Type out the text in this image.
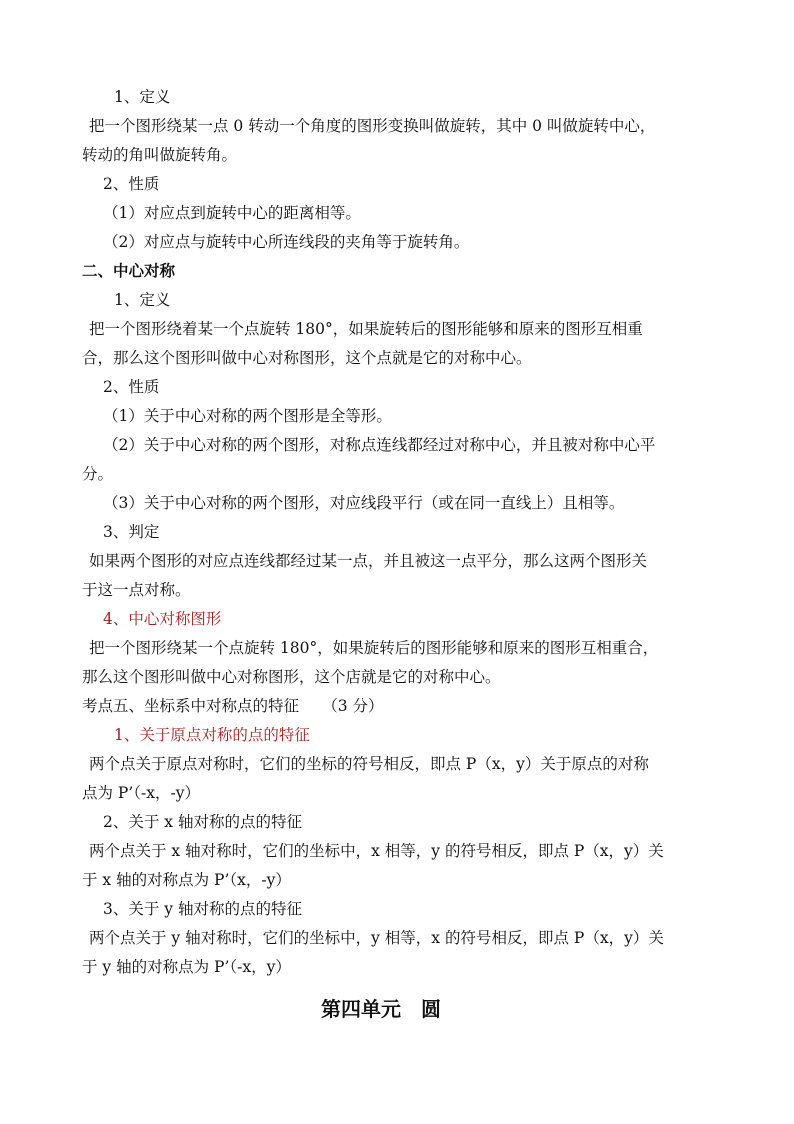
1、定义
把一个图形绕某一点 0 转动一个角度的图形变换叫做旋转，其中 0 叫做旋转中心，
转动的角叫做旋转角。
2、性质
（1）对应点到旋转中心的距离相等。
（2）对应点与旋转中心所连线段的夹角等于旋转角。
二、中心对称
1、定义
把一个图形绕着某一个点旋转 180°，如果旋转后的图形能够和原来的图形互相重
合，那么这个图形叫做中心对称图形，这个点就是它的对称中心。
2、性质
（1）关于中心对称的两个图形是全等形。
（2）关于中心对称的两个图形，对称点连线都经过对称中心，并且被对称中心平
分。
（3）关于中心对称的两个图形，对应线段平行（或在同一直线上）且相等。
3、判定
如果两个图形的对应点连线都经过某一点，并且被这一点平分，那么这两个图形关
于这一点对称。
4、中心对称图形
把一个图形绕某一个点旋转 180°，如果旋转后的图形能够和原来的图形互相重合，
那么这个图形叫做中心对称图形，这个店就是它的对称中心。
考点五、坐标系中对称点的特征　　（3 分）
1、关于原点对称的点的特征
两个点关于原点对称时，它们的坐标的符号相反，即点 P（x，y）关于原点的对称
点为 P’（-x，-y）
2、关于 x 轴对称的点的特征
两个点关于 x 轴对称时，它们的坐标中，x 相等，y 的符号相反，即点 P（x，y）关
于 x 轴的对称点为 P’（x，-y）
3、关于 y 轴对称的点的特征
两个点关于 y 轴对称时，它们的坐标中，y 相等，x 的符号相反，即点 P（x，y）关
于 y 轴的对称点为 P’（-x，y）
第四单元　圆
